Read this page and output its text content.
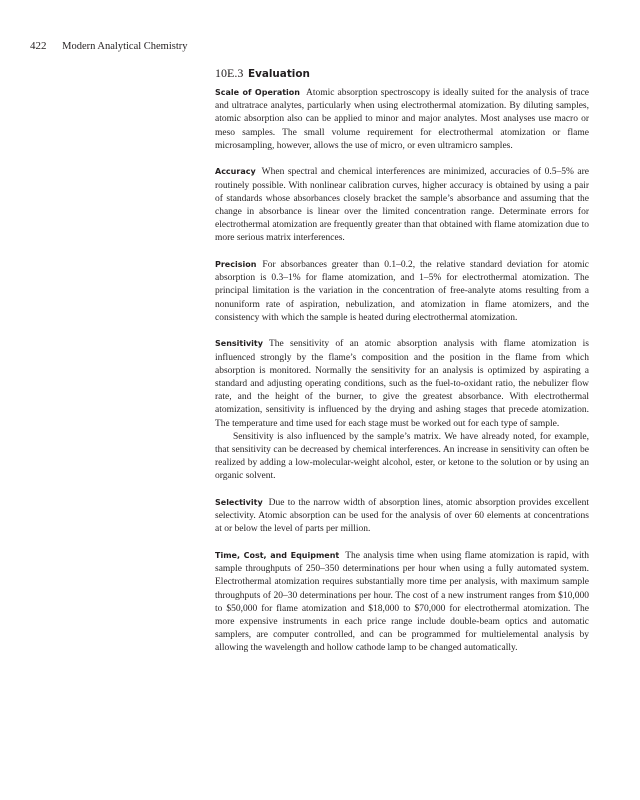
422 Modern Analytical Chemistry
10E.3 Evaluation

Scale of Operation Atomic absorption spectroscopy is ideally suited for the analysis of trace and ultratrace analytes, particularly when using electrothermal atomization. By diluting samples, atomic absorption also can be applied to minor and major analytes. Most analyses use macro or meso samples. The small volume requirement for electrothermal atomization or flame microsampling, however, allows the use of micro, or even ultramicro samples.

Accuracy When spectral and chemical interferences are minimized, accuracies of 0.5–5% are routinely possible. With nonlinear calibration curves, higher accuracy is obtained by using a pair of standards whose absorbances closely bracket the sample’s absorbance and assuming that the change in absorbance is linear over the limited concentration range. Determinate errors for electrothermal atomization are frequently greater than that obtained with flame atomization due to more serious matrix interferences.

Precision For absorbances greater than 0.1–0.2, the relative standard deviation for atomic absorption is 0.3–1% for flame atomization, and 1–5% for electrothermal atomization. The principal limitation is the variation in the concentration of free-analyte atoms resulting from a nonuniform rate of aspiration, nebulization, and atomization in flame atomizers, and the consistency with which the sample is heated during electrothermal atomization.

Sensitivity The sensitivity of an atomic absorption analysis with flame atomization is influenced strongly by the flame’s composition and the position in the flame from which absorption is monitored. Normally the sensitivity for an analysis is optimized by aspirating a standard and adjusting operating conditions, such as the fuel-to-oxidant ratio, the nebulizer flow rate, and the height of the burner, to give the greatest absorbance. With electrothermal atomization, sensitivity is influenced by the drying and ashing stages that precede atomization. The temperature and time used for each stage must be worked out for each type of sample.

Sensitivity is also influenced by the sample’s matrix. We have already noted, for example, that sensitivity can be decreased by chemical interferences. An increase in sensitivity can often be realized by adding a low-molecular-weight alcohol, ester, or ketone to the solution or by using an organic solvent.

Selectivity Due to the narrow width of absorption lines, atomic absorption provides excellent selectivity. Atomic absorption can be used for the analysis of over 60 elements at concentrations at or below the level of parts per million.

Time, Cost, and Equipment The analysis time when using flame atomization is rapid, with sample throughputs of 250–350 determinations per hour when using a fully automated system. Electrothermal atomization requires substantially more time per analysis, with maximum sample throughputs of 20–30 determinations per hour. The cost of a new instrument ranges from $10,000 to $50,000 for flame atomization and $18,000 to $70,000 for electrothermal atomization. The more expensive instruments in each price range include double-beam optics and automatic samplers, are computer controlled, and can be programmed for multielemental analysis by allowing the wavelength and hollow cathode lamp to be changed automatically.
